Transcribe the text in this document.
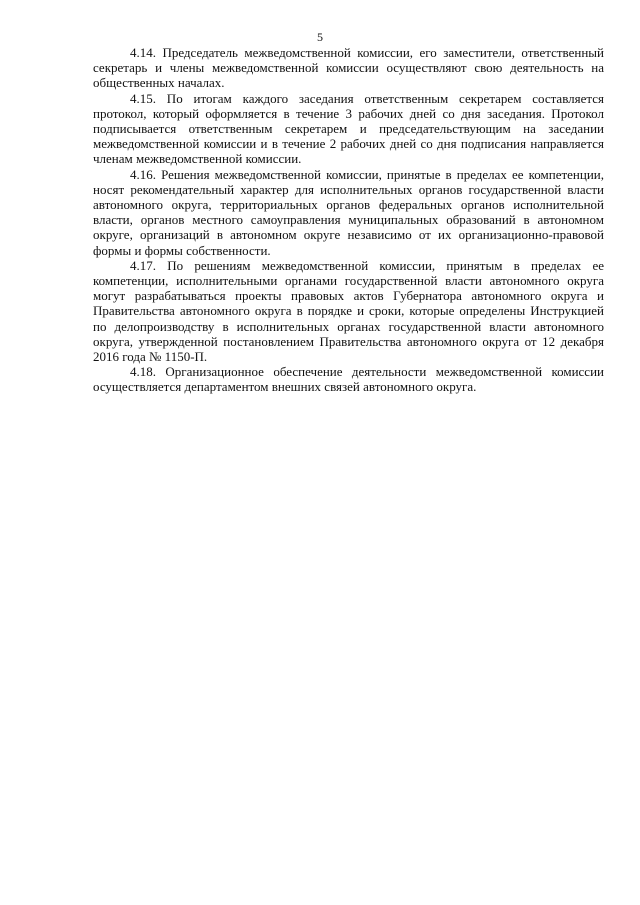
5

4.14. Председатель межведомственной комиссии, его заместители, ответственный секретарь и члены межведомственной комиссии осуществляют свою деятельность на общественных началах.

4.15. По итогам каждого заседания ответственным секретарем составляется протокол, который оформляется в течение 3 рабочих дней со дня заседания. Протокол подписывается ответственным секретарем и председательствующим на заседании межведомственной комиссии и в течение 2 рабочих дней со дня подписания направляется членам межведомственной комиссии.

4.16. Решения межведомственной комиссии, принятые в пределах ее компетенции, носят рекомендательный характер для исполнительных органов государственной власти автономного округа, территориальных органов федеральных органов исполнительной власти, органов местного самоуправления муниципальных образований в автономном округе, организаций в автономном округе независимо от их организационно-правовой формы и формы собственности.

4.17. По решениям межведомственной комиссии, принятым в пределах ее компетенции, исполнительными органами государственной власти автономного округа могут разрабатываться проекты правовых актов Губернатора автономного округа и Правительства автономного округа в порядке и сроки, которые определены Инструкцией по делопроизводству в исполнительных органах государственной власти автономного округа, утвержденной постановлением Правительства автономного округа от 12 декабря 2016 года № 1150-П.

4.18. Организационное обеспечение деятельности межведомственной комиссии осуществляется департаментом внешних связей автономного округа.
